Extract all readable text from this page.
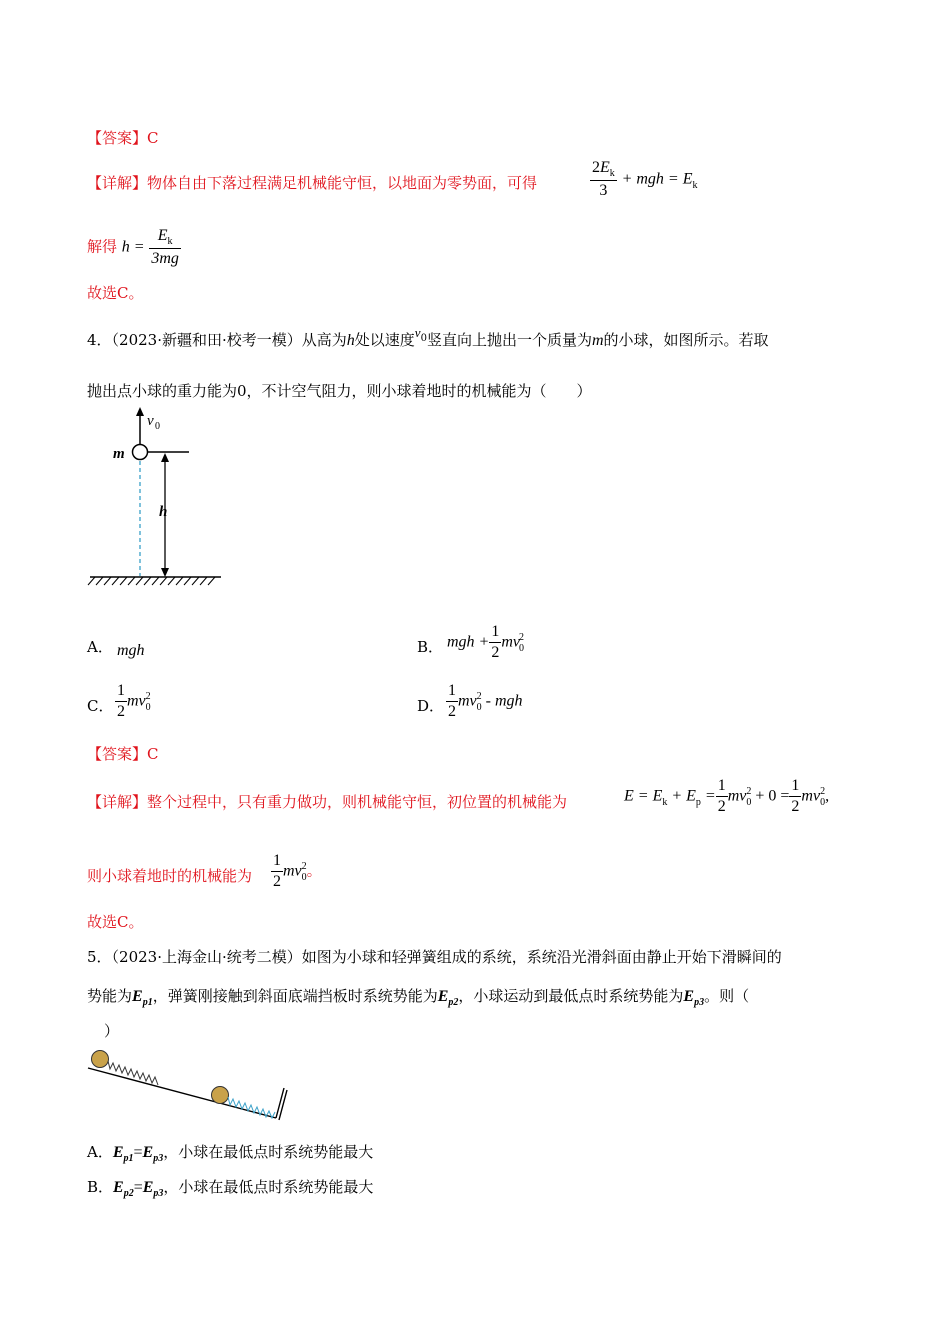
【答案】C
【详解】物体自由下落过程满足机械能守恒，以地面为零势面，可得	$\frac{2E_k}{3}$ + mgh = $E_k$
解得 $h = \frac{E_k}{3mg}$
故选C。
4．（2023·新疆和田·校考一模）从高为h处以速度$v^0$竖直向上抛出一个质量为m的小球，如图所示。若取
抛出点小球的重力能为0，不计空气阻力，则小球着地时的机械能为（　　）
v 0
m
h
A． mgh	B． mgh + $\frac{1}{2} mv^2_0$
C． $\frac{1}{2} mv^2_0$	D． $\frac{1}{2} mv^2_0$ - mgh
【答案】C
【详解】整个过程中，只有重力做功，则机械能守恒，初位置的机械能为	$E = E_k + E_p = \frac{1}{2} mv^2_0 + 0 = \frac{1}{2} mv^2_0$,
则小球着地时的机械能为 $\frac{1}{2} mv^2_0$。
故选C。
5．（2023·上海金山·统考二模）如图为小球和轻弹簧组成的系统，系统沿光滑斜面由静止开始下滑瞬间的
势能为$E_{p1}$，弹簧刚接触到斜面底端挡板时系统势能为$E_{p2}$，小球运动到最低点时系统势能为$E_{p3}$。则（
）
A．$E_{p1}=E_{p3}$，小球在最低点时系统势能最大
B．$E_{p2}=E_{p3}$，小球在最低点时系统势能最大
